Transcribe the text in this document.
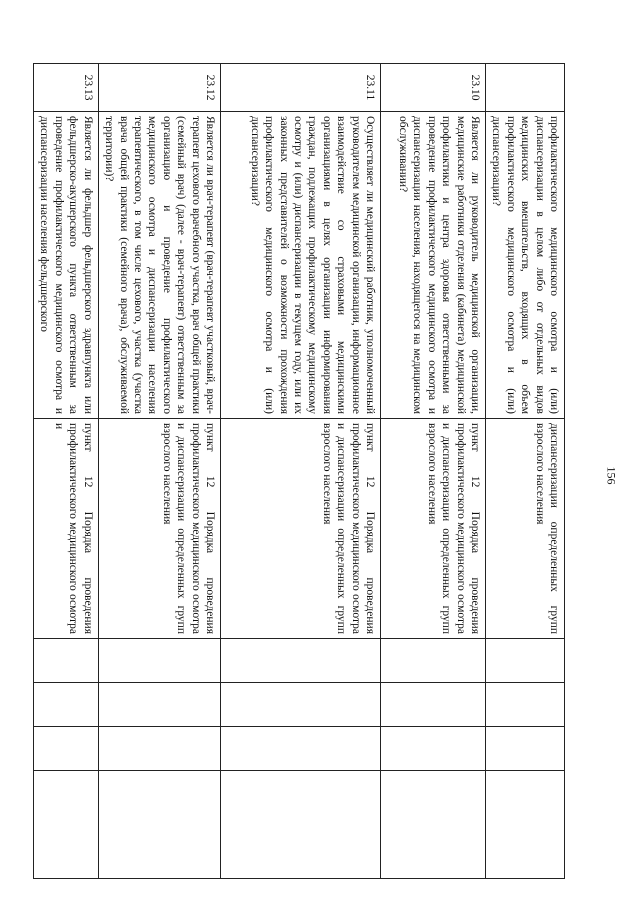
156
	профилактического медицинского осмотра и (или) диспансеризации в целом либо от отдельных видов медицинских вмешательств, входящих в объем профилактического медицинского осмотра и (или) диспансеризации?	диспансеризации определенных групп взрослого населения				
23.10	Является ли руководитель медицинской организации, медицинские работники отделения (кабинета) медицинской профилактики и центра здоровья ответственными за проведение профилактического медицинского осмотра и диспансеризации населения, находящегося на медицинском обслуживании?	пункт 12 Порядка проведения профилактического медицинского осмотра и диспансеризации определенных групп взрослого населения				
23.11	Осуществляет ли медицинский работник, уполномоченный руководителем медицинской организации, информационное взаимодействие со страховыми медицинскими организациями в целях организации информирования граждан, подлежащих профилактическому медицинскому осмотру и (или) диспансеризации в текущем году, или их законных представителей о возможности прохождения профилактического медицинского осмотра и (или) диспансеризации?	пункт 12 Порядка проведения профилактического медицинского осмотра и диспансеризации определенных групп взрослого населения				
23.12	Является ли врач-терапевт (врач-терапевт участковый, врач-терапевт цехового врачебного участка, врач общей практики (семейный врач) (далее - врач-терапевт) ответственным за организацию и проведение профилактического медицинского осмотра и диспансеризации населения терапевтического, в том числе цехового, участка (участка врача общей практики (семейного врача), обслуживаемой территории)?	пункт 12 Порядка проведения профилактического медицинского осмотра и диспансеризации определенных групп взрослого населения				
23.13	Является ли фельдшер фельдшерского здравпункта или фельдшерско-акушерского пункта ответственным за проведение профилактического медицинского осмотра и диспансеризации населения фельдшерского	пункт 12 Порядка проведения профилактического медицинского осмотра и				
